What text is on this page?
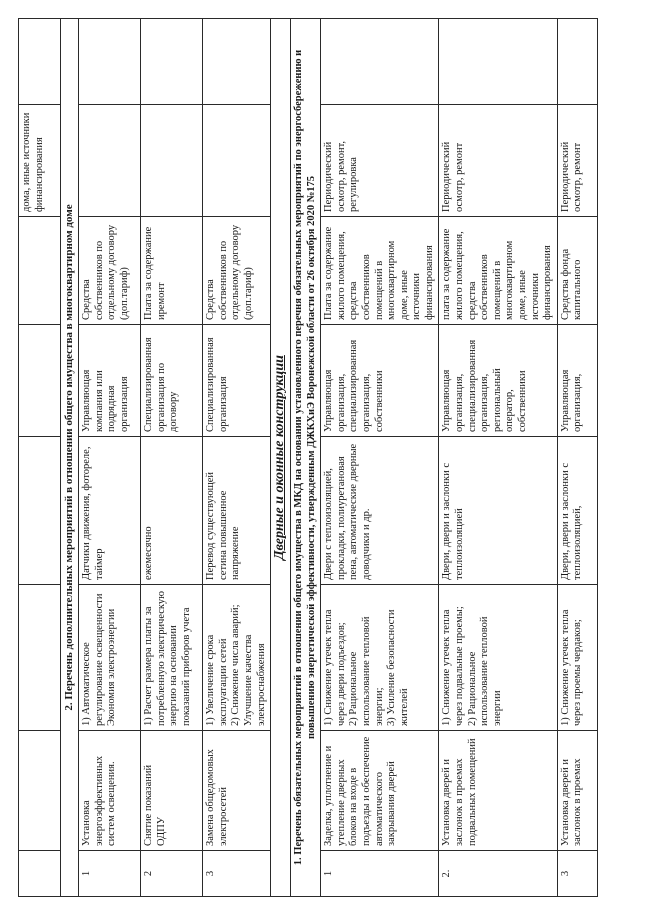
						дома, иные источники финансирования	
2. Перечень дополнительных мероприятий в отношении общего имущества в многоквартирном доме							
1	Установка энергоэффективных систем освещения.	1) Автоматическое регулирование освещенности Экономия электроэнергии	Датчики движения, фотореле, таймер	Управляющая компания или подрядная организация	Средства собственников по отдельному договору (доп.тариф)		
2	Снятие показаний ОДПУ	1) Расчет размера платы за потребленную электрическую энергию на основании показаний приборов учета	ежемесячно	Специализированная организация по договору	Плата за содержание иремонт		
3	Замена общедомовых электросетей	1) Увеличение срока эксплуатации сетей 2) Снижение числа аварий; Улучшение качества электроснабжения	Перевод существующей сетина повышенное напряжение	Специализированная организация	Средства собственников по отдельному договору (доп.тариф)		
Дверные и оконные конструкции							
1. Перечень обязательных мероприятий в отношении общего имущества в МКД на основании установленного перечня обязательных мероприятий по энергосбережению и повышению энергетической эффективности, утвержденным ДЖКХиЭ Воронежской области от 26 октября 2020 №175							
1	Заделка, уплотнение и утепление дверных блоков на входе в подъезды и обеспечение автоматического закрывания дверей	1) Снижение утечек тепла через двери подъездов; 2) Рациональное использование тепловой энергии; 3) Усиление безопасности жителей	Двери с теплоизоляцией, прокладки, полиуретановая пена, автоматические дверные доводчики и др.	Управляющая организация, специализированная организация, собственники	Плата за содержание жилого помещения, средства собственников помещений в многоквартирном доме, иные источники финансирования	Периодический осмотр, ремонт, регулировка	
2.	Установка дверей и заслонок в проемах подвальных помещений	1) Снижение утечек тепла через подвальные проемы; 2) Рациональное использование тепловой энергии	Двери, двери и заслонки с теплоизоляцией	Управляющая организация, специализированная организация, региональный оператор, собственники	плата за содержание жилого помещения, средства собственников помещений в многоквартирном доме, иные источники финансирования	Периодический осмотр, ремонт	
3	Установка дверей и заслонок в проемах	1) Снижение утечек тепла через проемы чердаков;	Двери, двери и заслонки с теплоизоляцией,	Управляющая организация,	Средства фонда капитального	Периодический осмотр, ремонт	
